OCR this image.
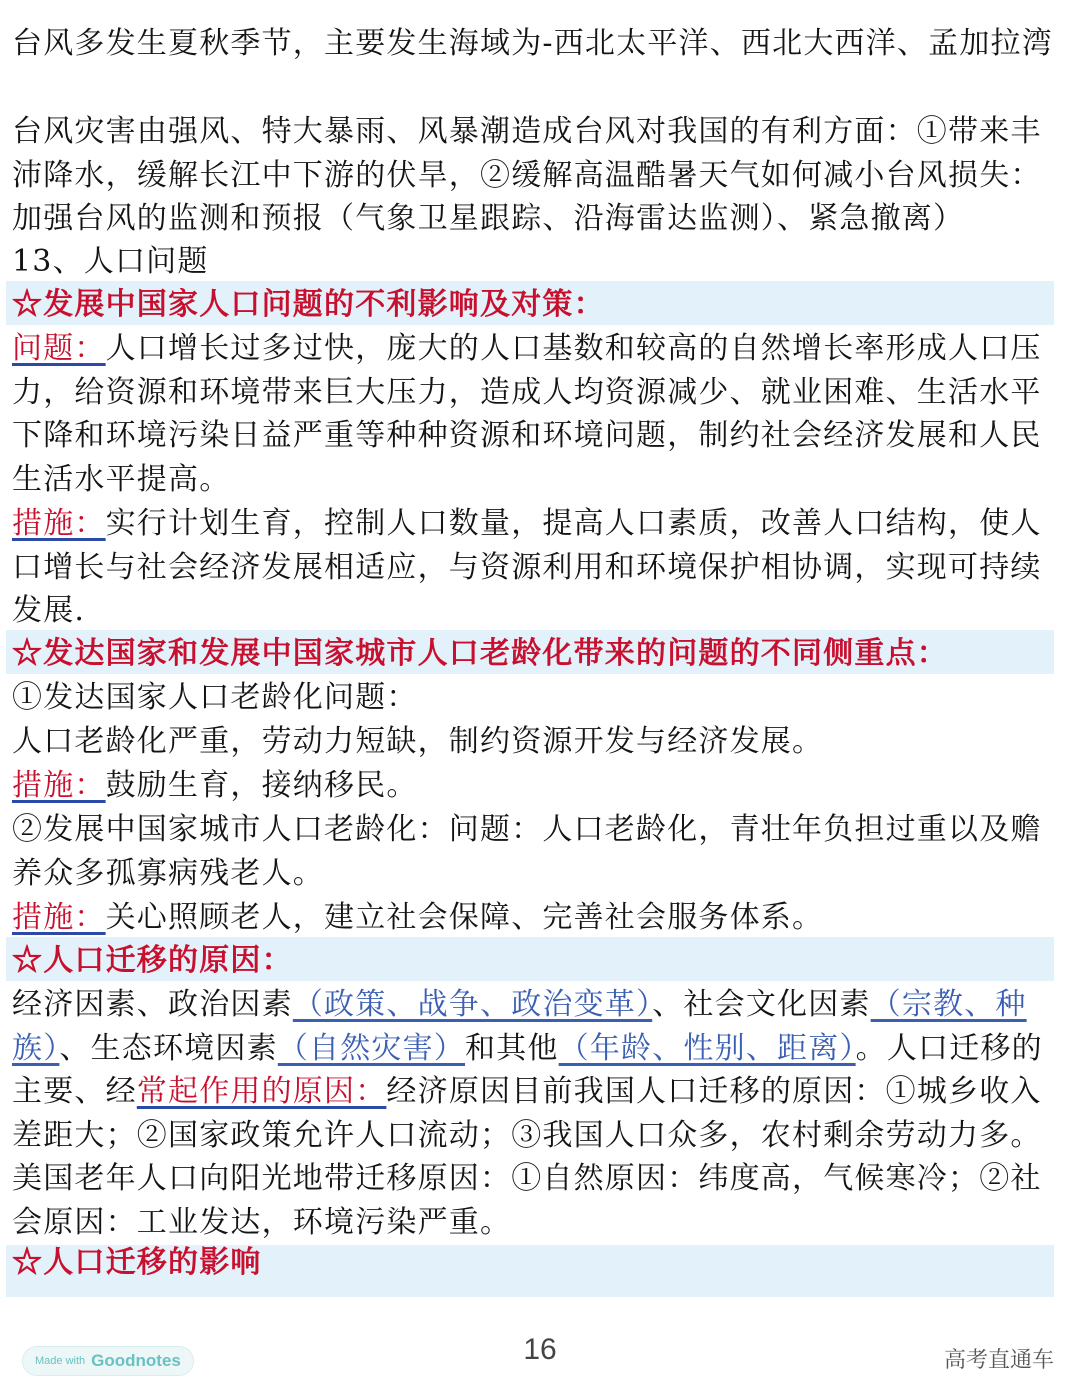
台风多发生夏秋季节，主要发生海域为-西北太平洋、西北大西洋、孟加拉湾
台风灾害由强风、特大暴雨、风暴潮造成台风对我国的有利方面：①带来丰沛降水，缓解长江中下游的伏旱，②缓解高温酷暑天气如何减小台风损失：加强台风的监测和预报（气象卫星跟踪、沿海雷达监测）、紧急撤离）
13、人口问题
☆发展中国家人口问题的不利影响及对策：
问题：人口增长过多过快，庞大的人口基数和较高的自然增长率形成人口压力，给资源和环境带来巨大压力，造成人均资源减少、就业困难、生活水平下降和环境污染日益严重等种种资源和环境问题，制约社会经济发展和人民生活水平提高。
措施：实行计划生育，控制人口数量，提高人口素质，改善人口结构，使人口增长与社会经济发展相适应，与资源利用和环境保护相协调，实现可持续发展.
☆发达国家和发展中国家城市人口老龄化带来的问题的不同侧重点：
①发达国家人口老龄化问题：
人口老龄化严重，劳动力短缺，制约资源开发与经济发展。
措施：鼓励生育，接纳移民。
②发展中国家城市人口老龄化：问题：人口老龄化，青壮年负担过重以及赡养众多孤寡病残老人。
措施：关心照顾老人，建立社会保障、完善社会服务体系。
☆人口迁移的原因：
经济因素、政治因素（政策、战争、政治变革）、社会文化因素（宗教、种族）、生态环境因素（自然灾害）和其他（年龄、性别、距离）。人口迁移的主要、经常起作用的原因：经济原因目前我国人口迁移的原因：①城乡收入差距大；②国家政策允许人口流动；③我国人口众多，农村剩余劳动力多。美国老年人口向阳光地带迁移原因：①自然原因：纬度高，气候寒冷；②社会原因：工业发达，环境污染严重。
☆人口迁移的影响
Made with Goodnotes	16	高考直通车
